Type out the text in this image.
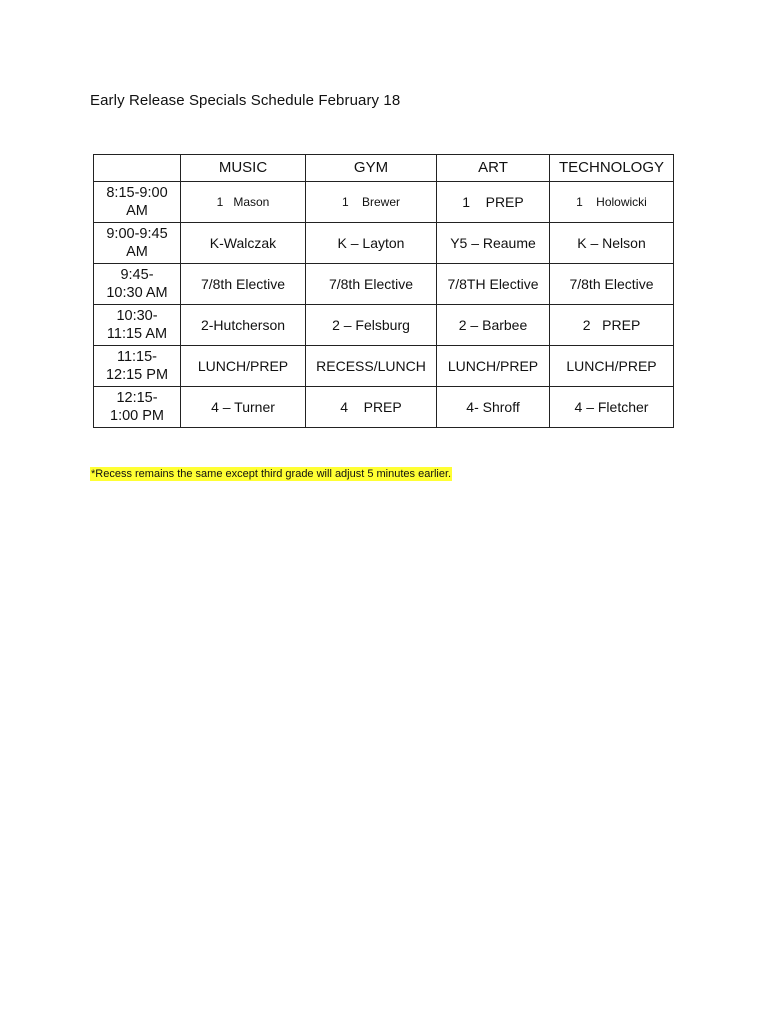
Early Release Specials Schedule February 18
	MUSIC	GYM	ART	TECHNOLOGY
8:15-9:00
AM	1   Mason	1    Brewer	1    PREP	1    Holowicki
9:00-9:45
AM	K-Walczak	K – Layton	Y5 – Reaume	K – Nelson
9:45-
10:30 AM	7/8th Elective	7/8th Elective	7/8TH Elective	7/8th Elective
10:30-
11:15 AM	2-Hutcherson	2 – Felsburg	2 – Barbee	2   PREP
11:15-
12:15 PM	LUNCH/PREP	RECESS/LUNCH	LUNCH/PREP	LUNCH/PREP
12:15-
1:00 PM	4 – Turner	4    PREP	4- Shroff	4 – Fletcher
*Recess remains the same except third grade will adjust 5 minutes earlier.
